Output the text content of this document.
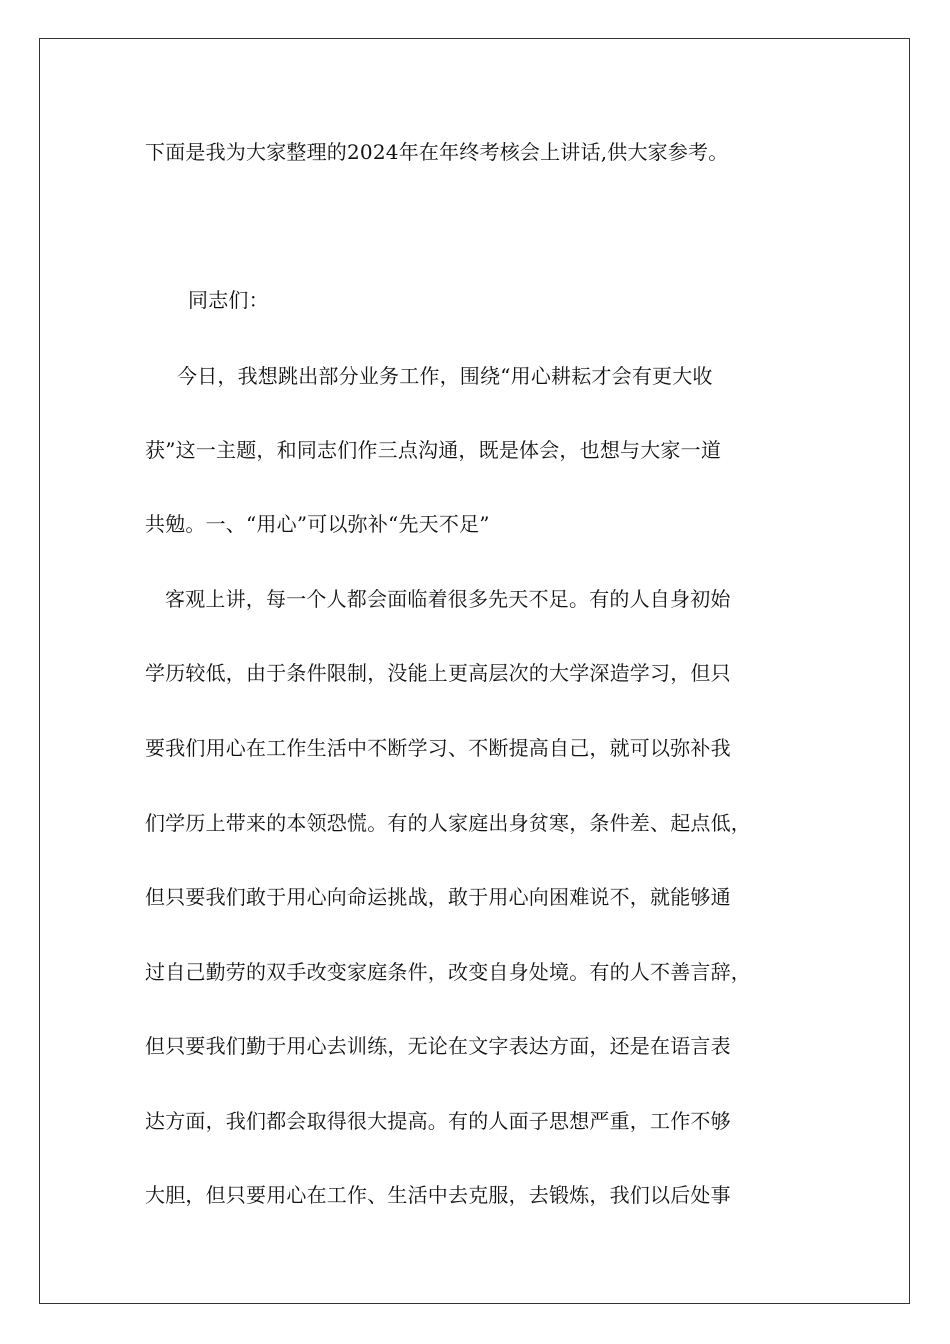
下面是我为大家整理的2024年在年终考核会上讲话,供大家参考。
同志们：
今日，我想跳出部分业务工作，围绕“用心耕耘才会有更大收
获”这一主题，和同志们作三点沟通，既是体会，也想与大家一道
共勉。一、“用心”可以弥补“先天不足”
客观上讲，每一个人都会面临着很多先天不足。有的人自身初始
学历较低，由于条件限制，没能上更高层次的大学深造学习，但只
要我们用心在工作生活中不断学习、不断提高自己，就可以弥补我
们学历上带来的本领恐慌。有的人家庭出身贫寒，条件差、起点低，
但只要我们敢于用心向命运挑战，敢于用心向困难说不，就能够通
过自己勤劳的双手改变家庭条件，改变自身处境。有的人不善言辞，
但只要我们勤于用心去训练，无论在文字表达方面，还是在语言表
达方面，我们都会取得很大提高。有的人面子思想严重，工作不够
大胆，但只要用心在工作、生活中去克服，去锻炼，我们以后处事
